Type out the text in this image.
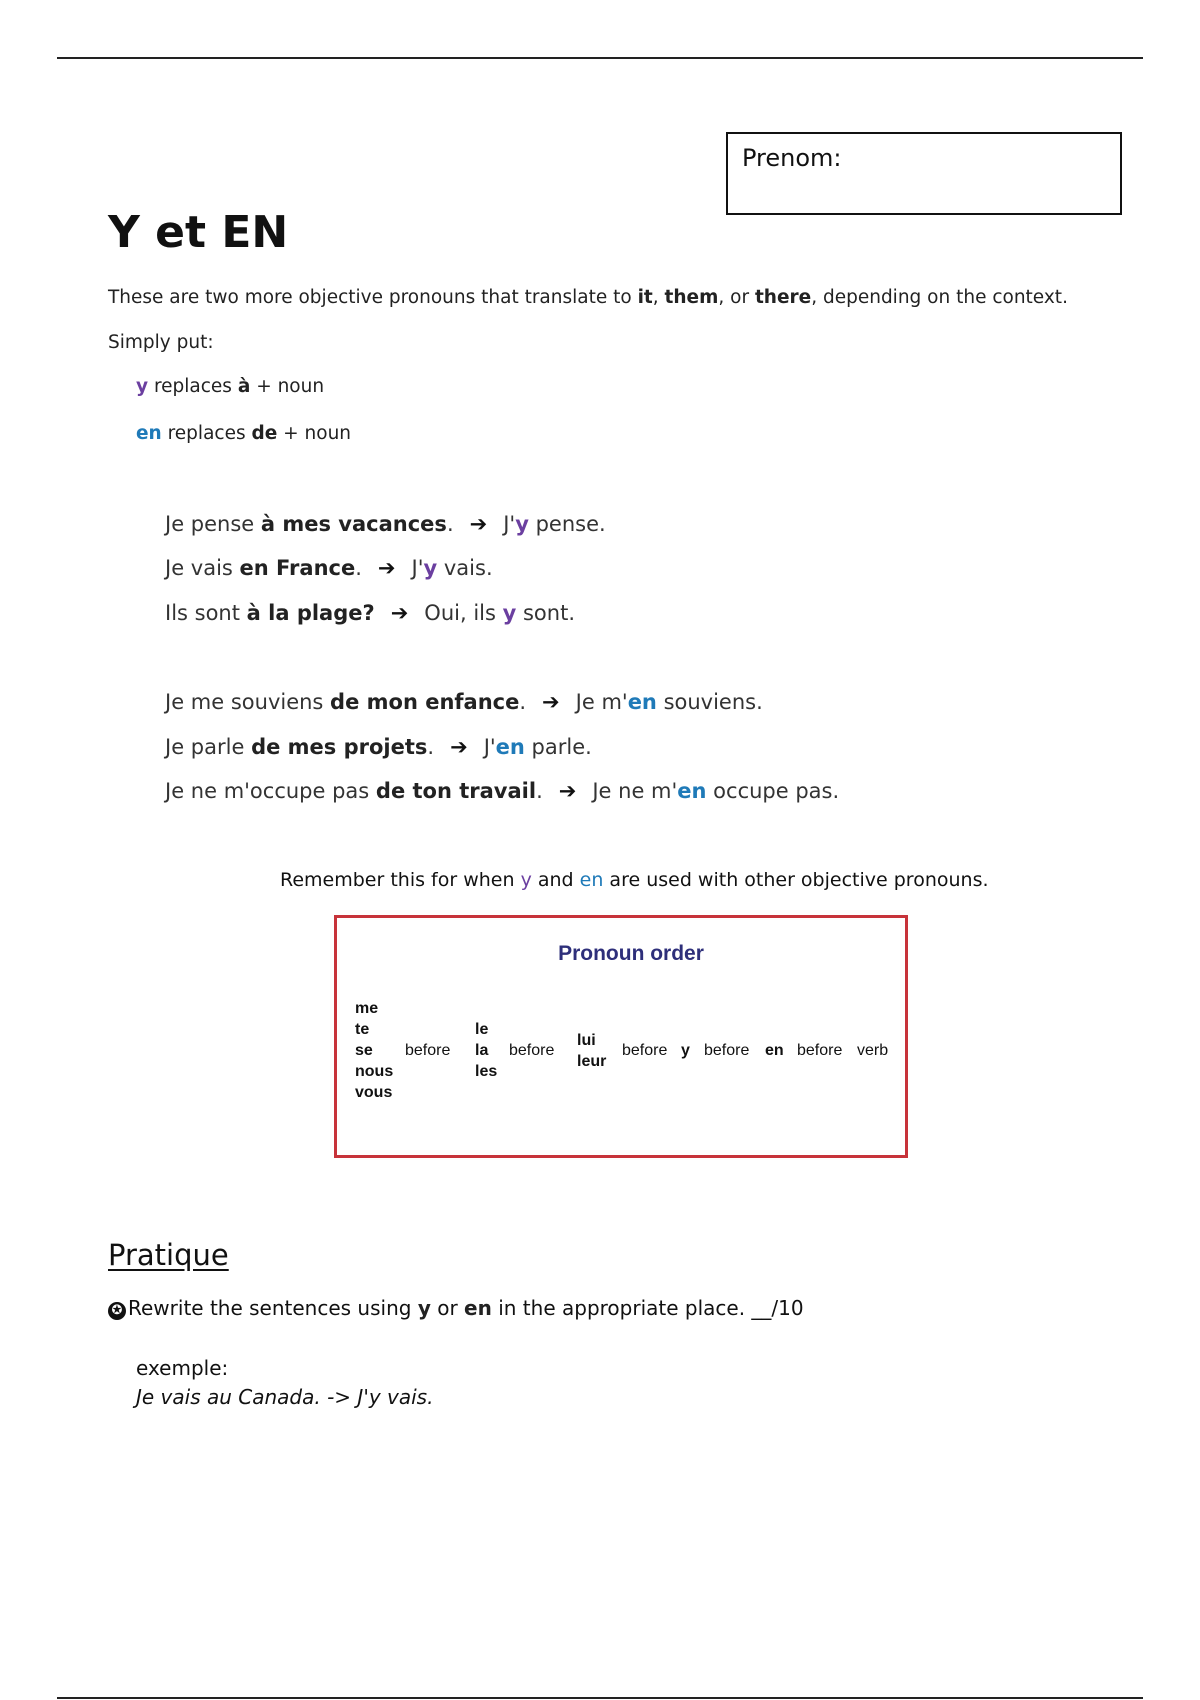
Prenom:
Y et EN
These are two more objective pronouns that translate to it, them, or there, depending on the context.
Simply put:
y replaces à + noun
en replaces de + noun
Je pense à mes vacances. ➔ J'y pense.
Je vais en France. ➔ J'y vais.
Ils sont à la plage? ➔ Oui, ils y sont.
Je me souviens de mon enfance. ➔ Je m'en souviens.
Je parle de mes projets. ➔ J'en parle.
Je ne m'occupe pas de ton travail. ➔ Je ne m'en occupe pas.
Remember this for when y and en are used with other objective pronouns.
Pronoun order
me
te
se
nous
vous
before
le
la
les
before
lui
leur
before y before en before verb
Pratique
✪ Rewrite the sentences using y or en in the appropriate place. __/10
exemple:
Je vais au Canada. -> J'y vais.
